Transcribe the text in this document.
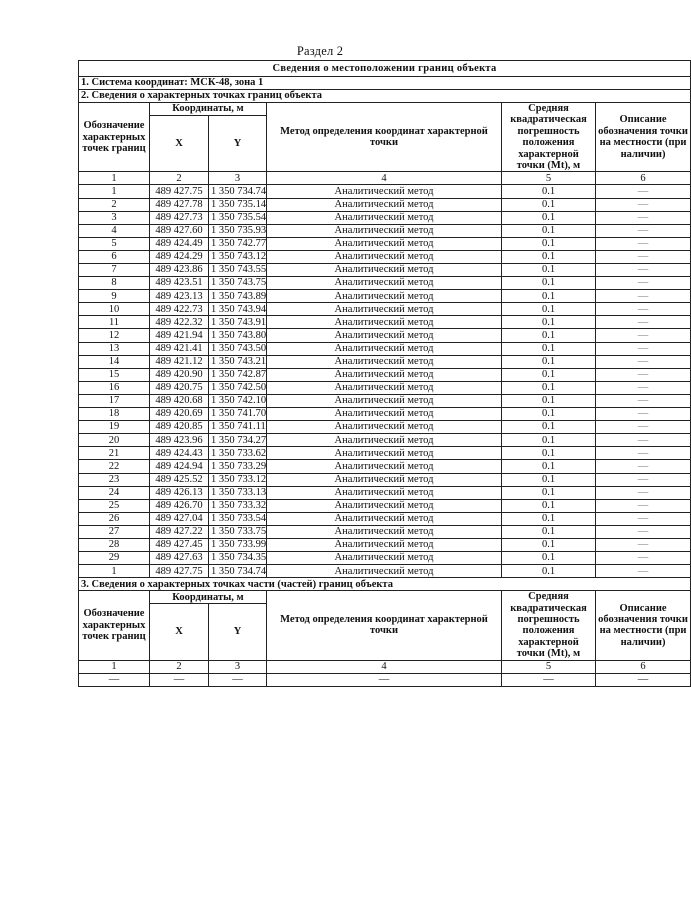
Раздел 2
Сведения о местоположении границ объекта					
1. Система координат: МСК-48, зона 1					
2. Сведения о характерных точках границ объекта					
Обозначение характерных точек границ	Координаты, м		Метод определения координат характерной точки	Средняя квадратическая погрешность положения характерной точки (Mt), м	Описание обозначения точки на местности (при наличии)
	X	Y			
1	2	3	4	5	6
1	489 427.75	1 350 734.74	Аналитический метод	0.1	—
2	489 427.78	1 350 735.14	Аналитический метод	0.1	—
3	489 427.73	1 350 735.54	Аналитический метод	0.1	—
4	489 427.60	1 350 735.93	Аналитический метод	0.1	—
5	489 424.49	1 350 742.77	Аналитический метод	0.1	—
6	489 424.29	1 350 743.12	Аналитический метод	0.1	—
7	489 423.86	1 350 743.55	Аналитический метод	0.1	—
8	489 423.51	1 350 743.75	Аналитический метод	0.1	—
9	489 423.13	1 350 743.89	Аналитический метод	0.1	—
10	489 422.73	1 350 743.94	Аналитический метод	0.1	—
11	489 422.32	1 350 743.91	Аналитический метод	0.1	—
12	489 421.94	1 350 743.80	Аналитический метод	0.1	—
13	489 421.41	1 350 743.50	Аналитический метод	0.1	—
14	489 421.12	1 350 743.21	Аналитический метод	0.1	—
15	489 420.90	1 350 742.87	Аналитический метод	0.1	—
16	489 420.75	1 350 742.50	Аналитический метод	0.1	—
17	489 420.68	1 350 742.10	Аналитический метод	0.1	—
18	489 420.69	1 350 741.70	Аналитический метод	0.1	—
19	489 420.85	1 350 741.11	Аналитический метод	0.1	—
20	489 423.96	1 350 734.27	Аналитический метод	0.1	—
21	489 424.43	1 350 733.62	Аналитический метод	0.1	—
22	489 424.94	1 350 733.29	Аналитический метод	0.1	—
23	489 425.52	1 350 733.12	Аналитический метод	0.1	—
24	489 426.13	1 350 733.13	Аналитический метод	0.1	—
25	489 426.70	1 350 733.32	Аналитический метод	0.1	—
26	489 427.04	1 350 733.54	Аналитический метод	0.1	—
27	489 427.22	1 350 733.75	Аналитический метод	0.1	—
28	489 427.45	1 350 733.99	Аналитический метод	0.1	—
29	489 427.63	1 350 734.35	Аналитический метод	0.1	—
1	489 427.75	1 350 734.74	Аналитический метод	0.1	—
3. Сведения о характерных точках части (частей) границ объекта					
Обозначение характерных точек границ	Координаты, м		Метод определения координат характерной точки	Средняя квадратическая погрешность положения характерной точки (Mt), м	Описание обозначения точки на местности (при наличии)
	X	Y			
1	2	3	4	5	6
—	—	—	—	—	—
